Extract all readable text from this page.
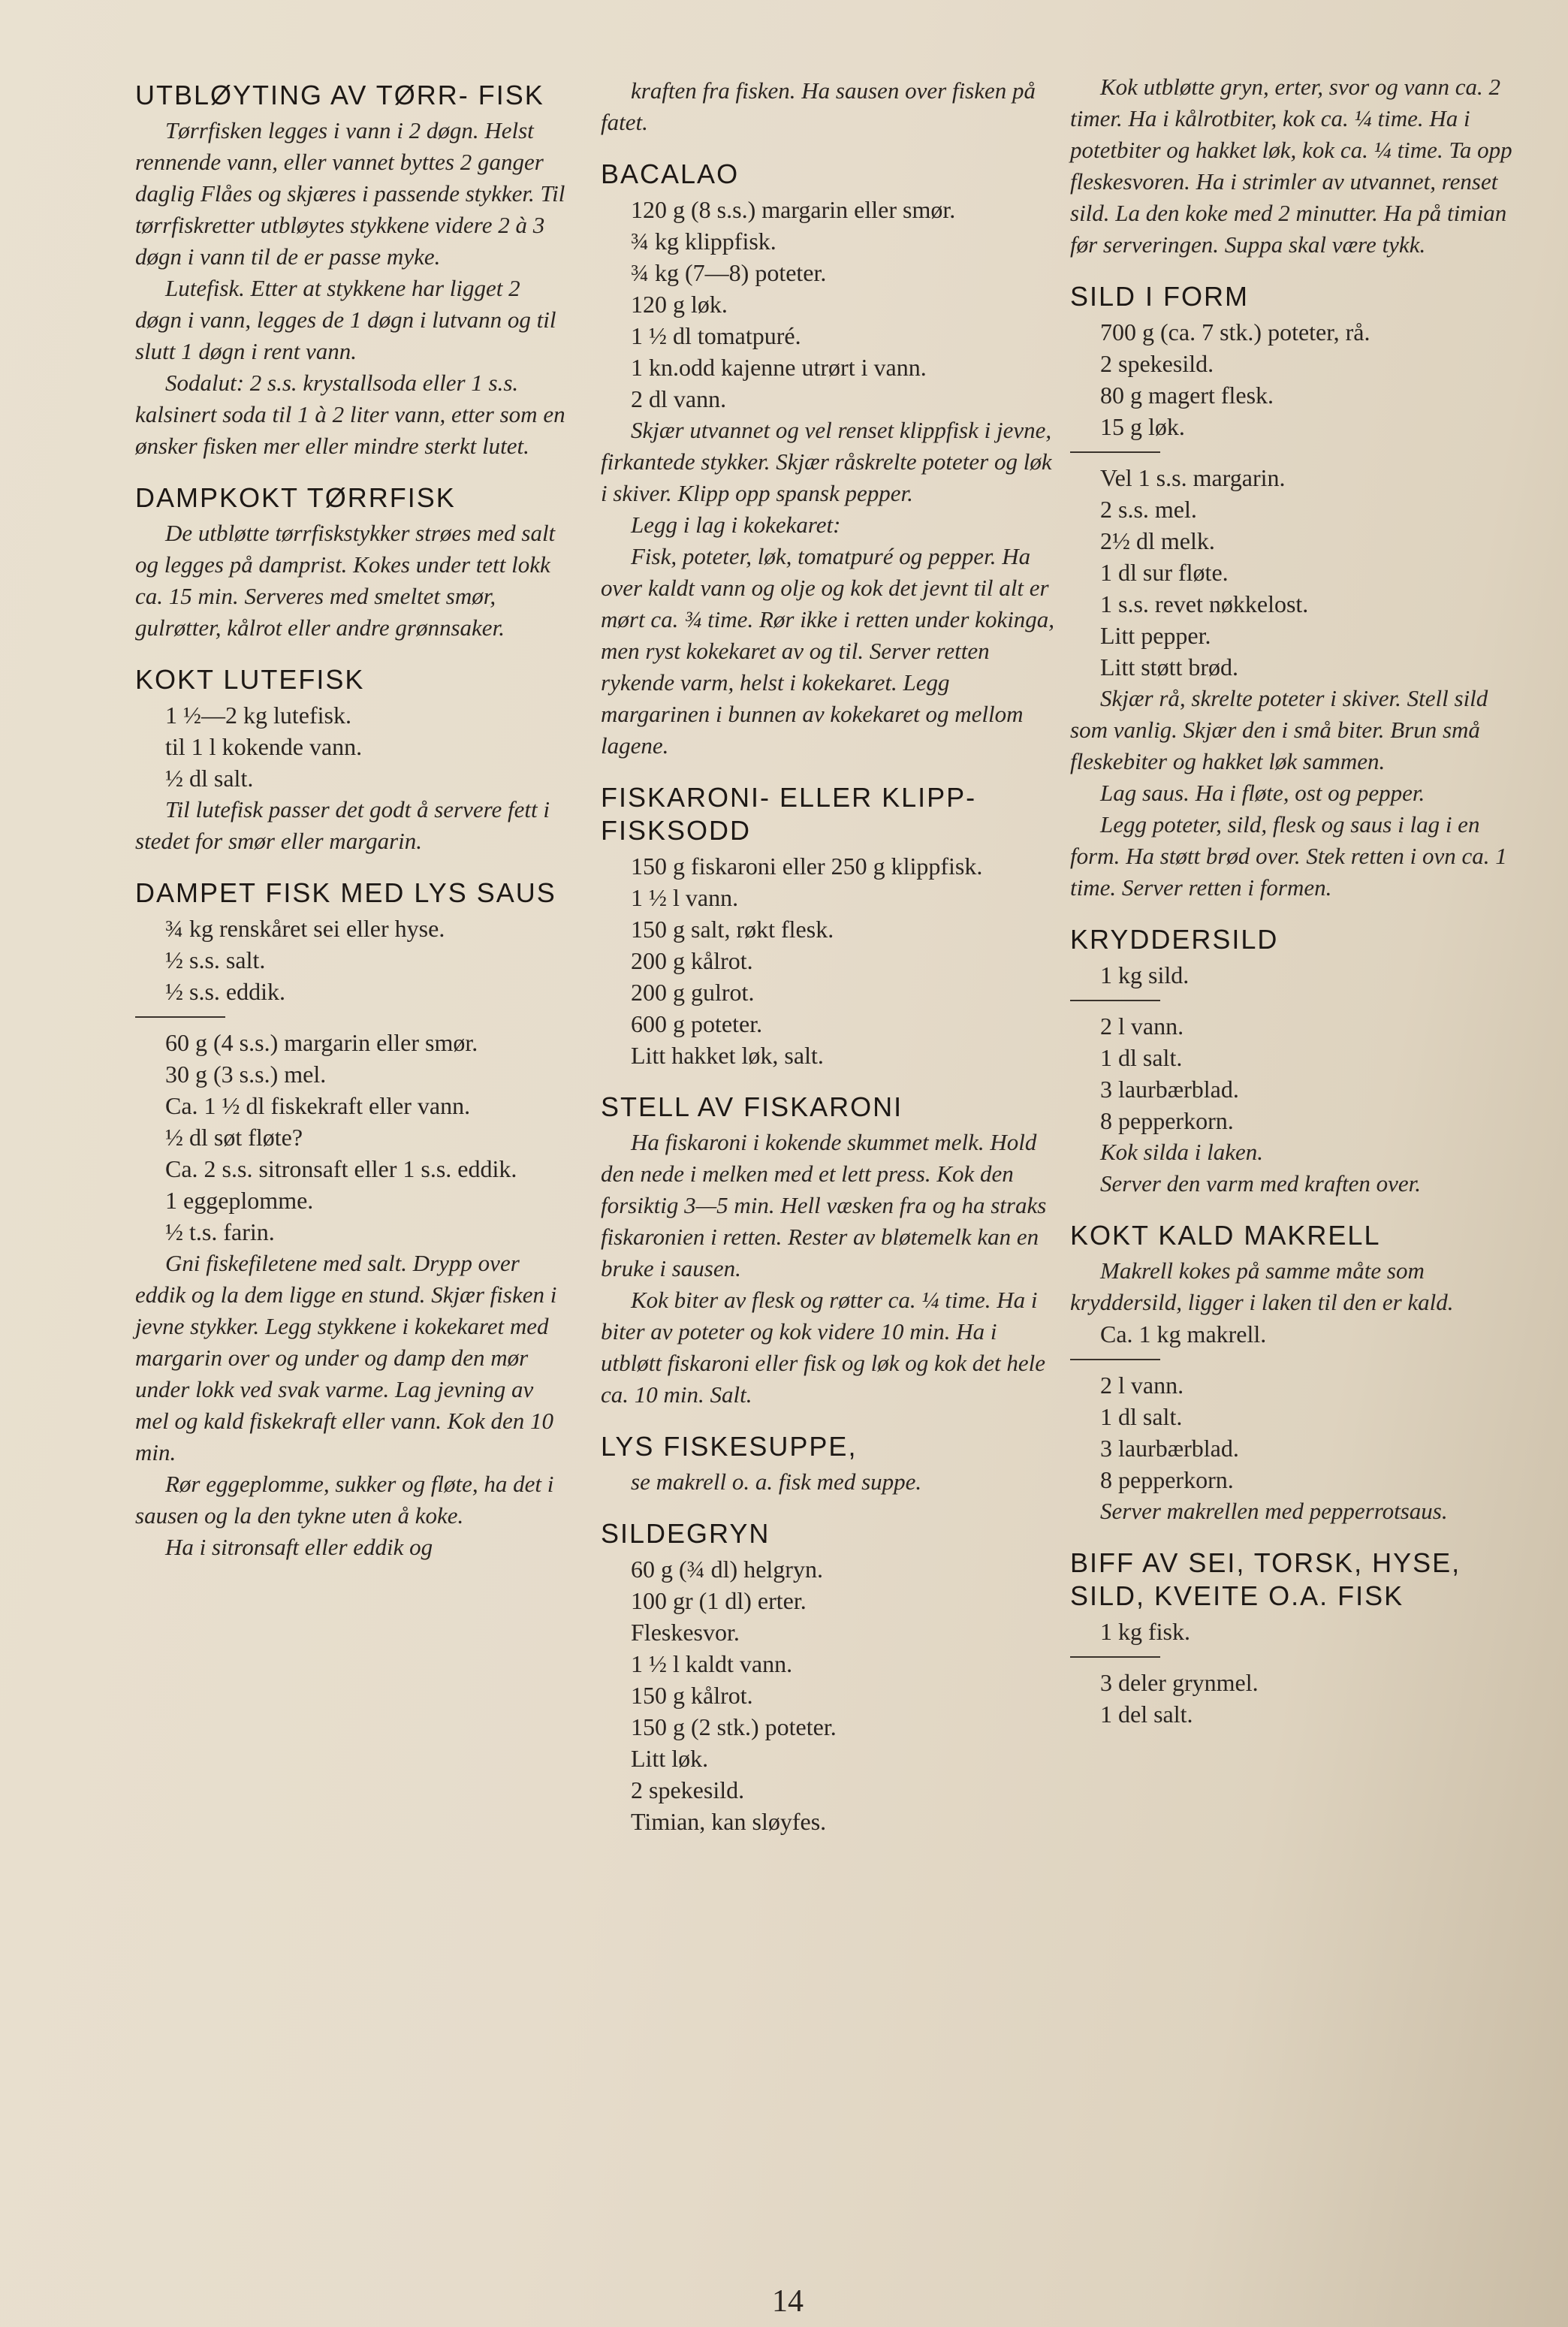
UTBLØYTING AV TØRR- FISK

Tørrfisken legges i vann i 2 døgn. Helst rennende vann, eller vannet byttes 2 ganger daglig Flåes og skjæres i passende stykker. Til tørrfiskretter utbløytes stykkene videre 2 à 3 døgn i vann til de er passe myke.

Lutefisk. Etter at stykkene har ligget 2 døgn i vann, legges de 1 døgn i lutvann og til slutt 1 døgn i rent vann.

Sodalut: 2 s.s. krystallsoda eller 1 s.s. kalsinert soda til 1 à 2 liter vann, etter som en ønsker fisken mer eller mindre sterkt lutet.

DAMPKOKT TØRRFISK

De utbløtte tørrfiskstykker strøes med salt og legges på damprist. Kokes under tett lokk ca. 15 min. Serveres med smeltet smør, gulrøtter, kålrot eller andre grønnsaker.

KOKT LUTEFISK

1 ½—2 kg lutefisk.

til 1 l kokende vann.

½ dl salt.

Til lutefisk passer det godt å servere fett i stedet for smør eller margarin.

DAMPET FISK MED LYS SAUS

¾ kg renskåret sei eller hyse.

½ s.s. salt.

½ s.s. eddik.

60 g (4 s.s.) margarin eller smør.

30 g (3 s.s.) mel.

Ca. 1 ½ dl fiskekraft eller vann.

½ dl søt fløte?

Ca. 2 s.s. sitronsaft eller 1 s.s. eddik.

1 eggeplomme.

½ t.s. farin.

Gni fiskefiletene med salt. Drypp over eddik og la dem ligge en stund. Skjær fisken i jevne stykker. Legg stykkene i kokekaret med margarin over og under og damp den mør under lokk ved svak varme. Lag jevning av mel og kald fiskekraft eller vann. Kok den 10 min.

Rør eggeplomme, sukker og fløte, ha det i sausen og la den tykne uten å koke.

Ha i sitronsaft eller eddik og

kraften fra fisken. Ha sausen over fisken på fatet.

BACALAO

120 g (8 s.s.) margarin eller smør.

¾ kg klippfisk.

¾ kg (7—8) poteter.

120 g løk.

1 ½ dl tomatpuré.

1 kn.odd kajenne utrørt i vann.

2 dl vann.

Skjær utvannet og vel renset klippfisk i jevne, firkantede stykker. Skjær råskrelte poteter og løk i skiver. Klipp opp spansk pepper.

Legg i lag i kokekaret:

Fisk, poteter, løk, tomatpuré og pepper. Ha over kaldt vann og olje og kok det jevnt til alt er mørt ca. ¾ time. Rør ikke i retten under kokinga, men ryst kokekaret av og til. Server retten rykende varm, helst i kokekaret. Legg margarinen i bunnen av kokekaret og mellom lagene.

FISKARONI- ELLER KLIPP- FISKSODD

150 g fiskaroni eller 250 g klippfisk.

1 ½ l vann.

150 g salt, røkt flesk.

200 g kålrot.

200 g gulrot.

600 g poteter.

Litt hakket løk, salt.

STELL AV FISKARONI

Ha fiskaroni i kokende skummet melk. Hold den nede i melken med et lett press. Kok den forsiktig 3—5 min. Hell væsken fra og ha straks fiskaronien i retten. Rester av bløtemelk kan en bruke i sausen.

Kok biter av flesk og røtter ca. ¼ time. Ha i biter av poteter og kok videre 10 min. Ha i utbløtt fiskaroni eller fisk og løk og kok det hele ca. 10 min. Salt.

LYS FISKESUPPE,

se makrell o. a. fisk med suppe.

SILDEGRYN

60 g (¾ dl) helgryn.

100 gr (1 dl) erter.

Fleskesvor.

1 ½ l kaldt vann.

150 g kålrot.

150 g (2 stk.) poteter.

Litt løk.

2 spekesild.

Timian, kan sløyfes.

Kok utbløtte gryn, erter, svor og vann ca. 2 timer. Ha i kålrotbiter, kok ca. ¼ time. Ha i potetbiter og hakket løk, kok ca. ¼ time. Ta opp fleskesvoren. Ha i strimler av utvannet, renset sild. La den koke med 2 minutter. Ha på timian før serveringen. Suppa skal være tykk.

SILD I FORM

700 g (ca. 7 stk.) poteter, rå.

2 spekesild.

80 g magert flesk.

15 g løk.

Vel 1 s.s. margarin.

2 s.s. mel.

2½ dl melk.

1 dl sur fløte.

1 s.s. revet nøkkelost.

Litt pepper.

Litt støtt brød.

Skjær rå, skrelte poteter i skiver. Stell sild som vanlig. Skjær den i små biter. Brun små fleskebiter og hakket løk sammen.

Lag saus. Ha i fløte, ost og pepper.

Legg poteter, sild, flesk og saus i lag i en form. Ha støtt brød over. Stek retten i ovn ca. 1 time. Server retten i formen.

KRYDDERSILD

1 kg sild.

2 l vann.

1 dl salt.

3 laurbærblad.

8 pepperkorn.

Kok silda i laken.

Server den varm med kraften over.

KOKT KALD MAKRELL

Makrell kokes på samme måte som kryddersild, ligger i laken til den er kald.

Ca. 1 kg makrell.

2 l vann.

1 dl salt.

3 laurbærblad.

8 pepperkorn.

Server makrellen med pepperrotsaus.

BIFF AV SEI, TORSK, HYSE, SILD, KVEITE O.A. FISK

1 kg fisk.

3 deler grynmel.

1 del salt.

14
